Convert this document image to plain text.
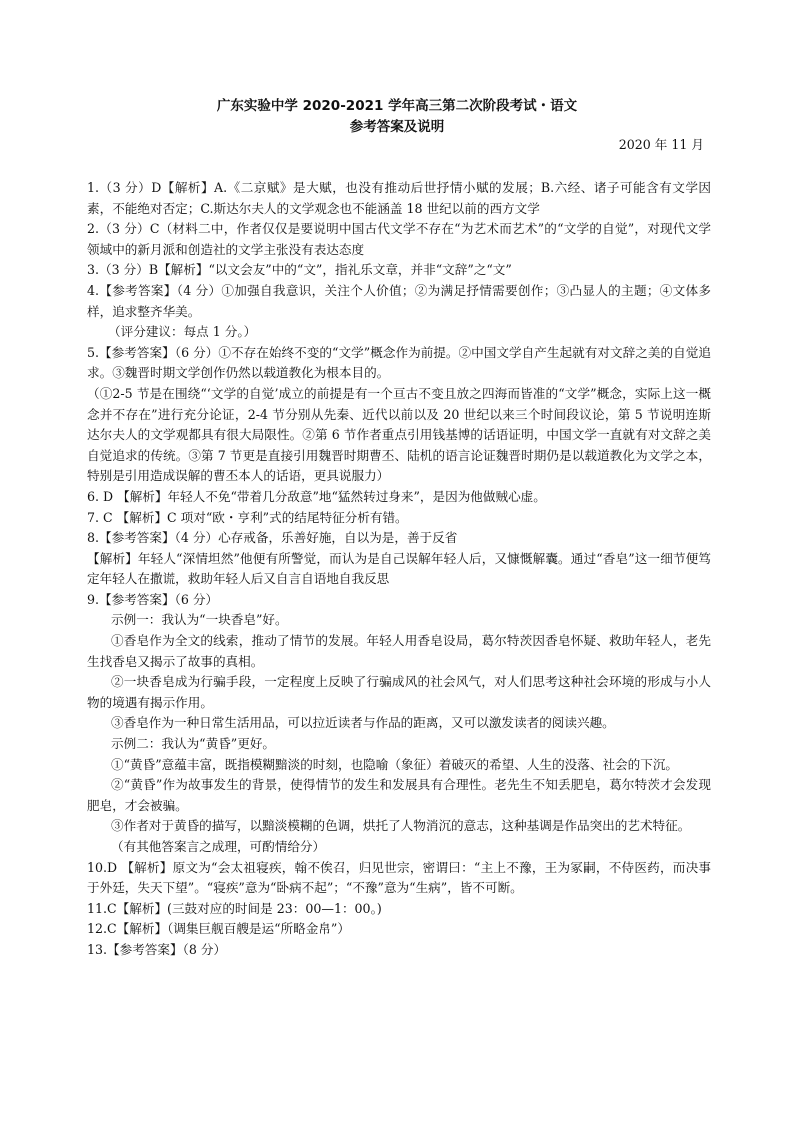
广东实验中学 2020-2021 学年高三第二次阶段考试・语文
参考答案及说明
2020 年 11 月

1.（3 分）D【解析】A.《二京赋》是大赋，也没有推动后世抒情小赋的发展；B.六经、诸子可能含有文学因素，不能绝对否定；C.斯达尔夫人的文学观念也不能涵盖 18 世纪以前的西方文学

2.（3 分）C（材料二中，作者仅仅是要说明中国古代文学不存在“为艺术而艺术”的“文学的自觉”，对现代文学领域中的新月派和创造社的文学主张没有表达态度

3.（3 分）B【解析】“以文会友”中的“文”，指礼乐文章，并非“文辞”之“文”

4.【参考答案】（4 分）①加强自我意识，关注个人价值；②为满足抒情需要创作；③凸显人的主题；④文体多样，追求整齐华美。

（评分建议：每点 1 分。）

5.【参考答案】（6 分）①不存在始终不变的“文学”概念作为前提。②中国文学自产生起就有对文辞之美的自觉追求。③魏晋时期文学创作仍然以载道教化为根本目的。

（①2-5 节是在围绕“‘文学的自觉’成立的前提是有一个亘古不变且放之四海而皆准的“文学”概念，实际上这一概念并不存在”进行充分论证，2-4 节分别从先秦、近代以前以及 20 世纪以来三个时间段议论，第 5 节说明连斯达尔夫人的文学观都具有很大局限性。②第 6 节作者重点引用钱基博的话语证明，中国文学一直就有对文辞之美自觉追求的传统。③第 7 节更是直接引用魏晋时期曹丕、陆机的语言论证魏晋时期仍是以载道教化为文学之本，特别是引用造成误解的曹丕本人的话语，更具说服力）

6. D 【解析】年轻人不免“带着几分敌意”地“猛然转过身来”，是因为他做贼心虚。

7. C 【解析】C 项对“欧・亨利”式的结尾特征分析有错。

8.【参考答案】（4 分）心存戒备，乐善好施，自以为是，善于反省

【解析】年轻人“深情坦然”他便有所警觉，而认为是自己误解年轻人后，又慷慨解囊。通过“香皂”这一细节便笃定年轻人在撒谎，救助年轻人后又自言自语地自我反思

9.【参考答案】（6 分）

示例一：我认为“一块香皂”好。

①香皂作为全文的线索，推动了情节的发展。年轻人用香皂设局，葛尔特茨因香皂怀疑、救助年轻人，老先生找香皂又揭示了故事的真相。

②一块香皂成为行骗手段，一定程度上反映了行骗成风的社会风气，对人们思考这种社会环境的形成与小人物的境遇有揭示作用。

③香皂作为一种日常生活用品，可以拉近读者与作品的距离，又可以激发读者的阅读兴趣。

示例二：我认为“黄昏”更好。

①“黄昏”意蕴丰富，既指模糊黯淡的时刻，也隐喻（象征）着破灭的希望、人生的没落、社会的下沉。

②“黄昏”作为故事发生的背景，使得情节的发生和发展具有合理性。老先生不知丢肥皂，葛尔特茨才会发现肥皂，才会被骗。

③作者对于黄昏的描写，以黯淡模糊的色调，烘托了人物消沉的意志，这种基调是作品突出的艺术特征。

（有其他答案言之成理，可酌情给分）

10.D 【解析】原文为“会太祖寝疾，翰不俟召，归见世宗，密谓曰：“主上不豫，王为冢嗣，不侍医药，而决事于外廷，失天下望”。“寝疾”意为“卧病不起”；“不豫”意为“生病”，皆不可断。

11.C【解析】(三鼓对应的时间是 23：00—1：00。)

12.C【解析】（调集巨舰百艘是运“所略金帛”）

13.【参考答案】（8 分）
